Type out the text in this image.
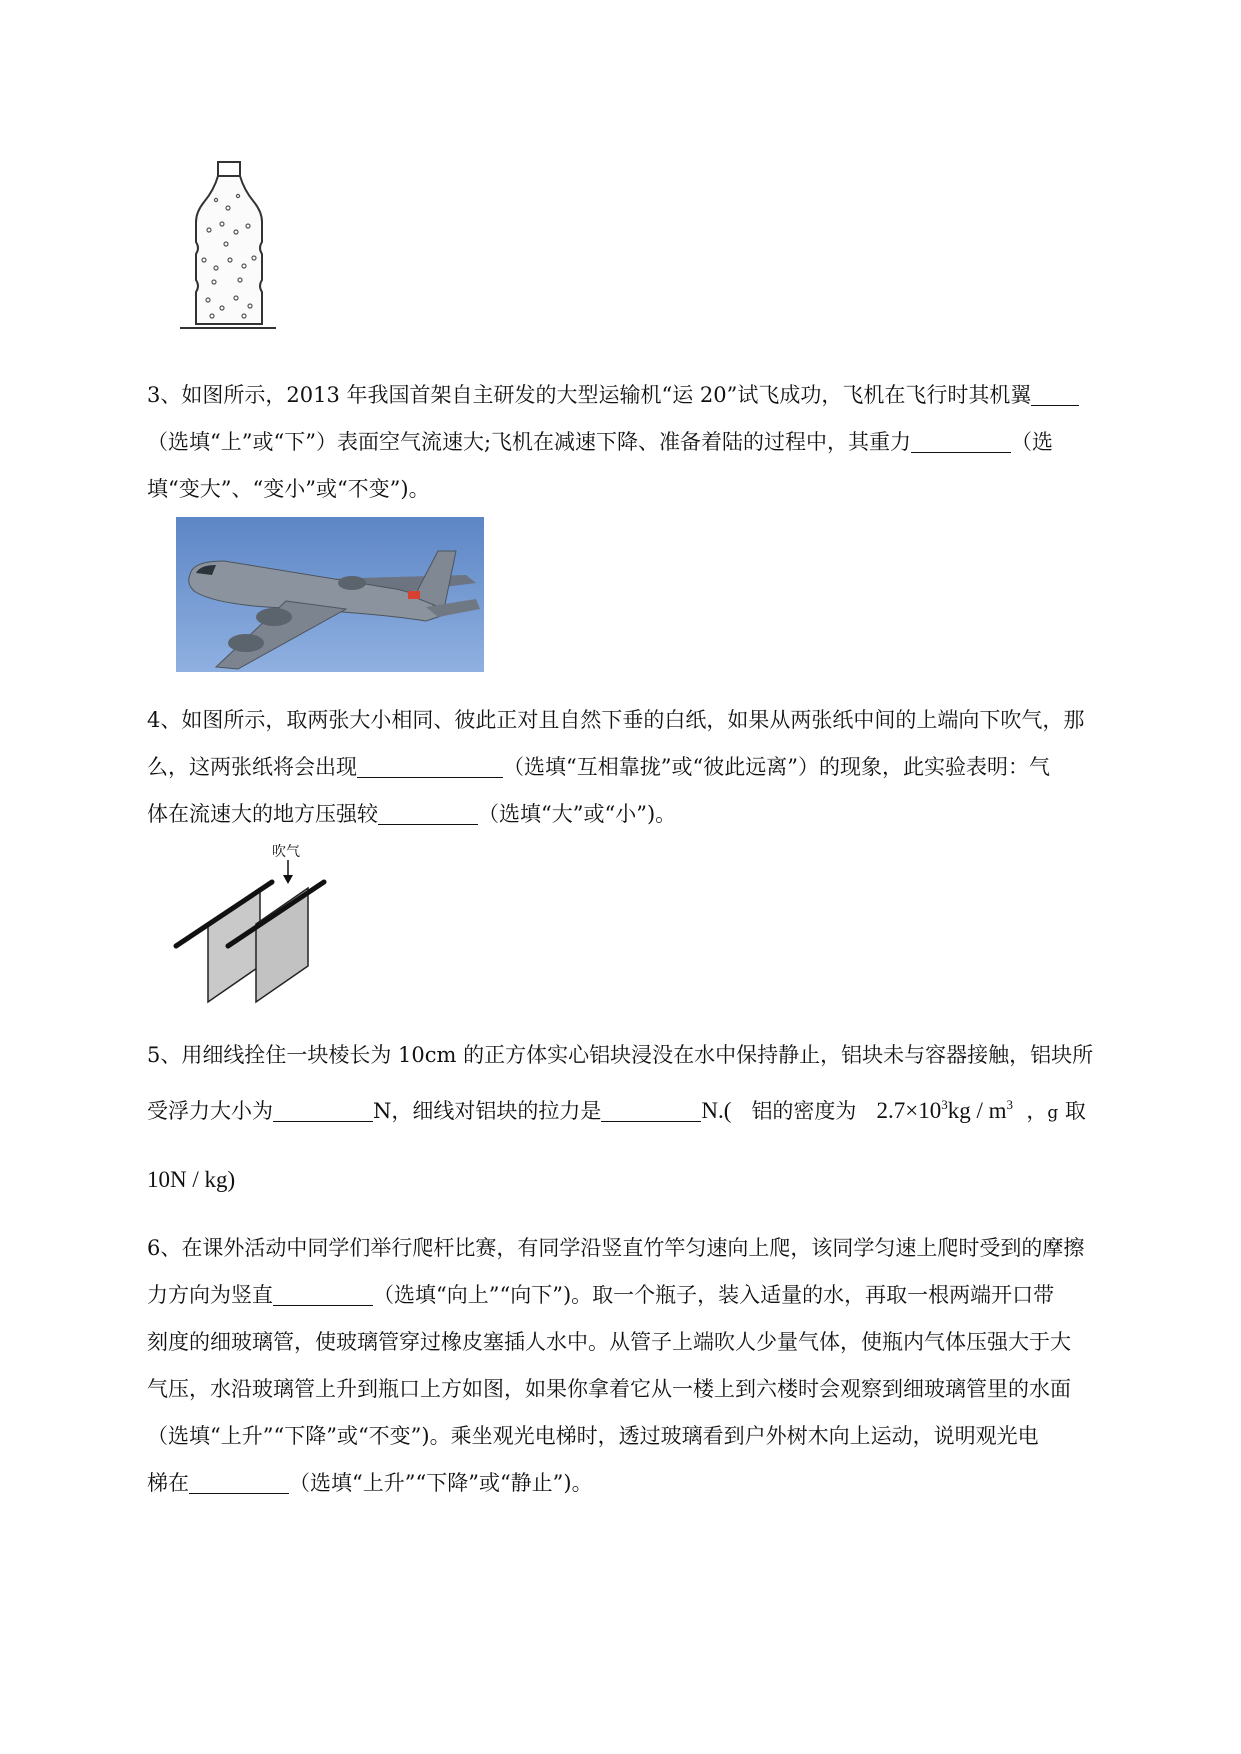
3、如图所示，2013 年我国首架自主研发的大型运输机“运 20”试飞成功，飞机在飞行时其机翼

（选填“上”或“下”）表面空气流速大;飞机在减速下降、准备着陆的过程中，其重力	（选

填“变大”、“变小”或“不变”)。

4、如图所示，取两张大小相同、彼此正对且自然下垂的白纸，如果从两张纸中间的上端向下吹气，那

么，这两张纸将会出现	（选填“互相靠拢”或“彼此远离”）的现象，此实验表明：气

体在流速大的地方压强较	（选填“大”或“小”)。

吹气

5、用细线拴住一块棱长为 10cm 的正方体实心铝块浸没在水中保持静止，铝块未与容器接触，铝块所

受浮力大小为	N，细线对铝块的拉力是	N.( 铝的密度为 $2.7\times 10^3kg / m^3$ ，g 取

10N / kg)

6、在课外活动中同学们举行爬杆比赛，有同学沿竖直竹竿匀速向上爬，该同学匀速上爬时受到的摩擦

力方向为竖直	（选填“向上”“向下”)。取一个瓶子，装入适量的水，再取一根两端开口带

刻度的细玻璃管，使玻璃管穿过橡皮塞插人水中。从管子上端吹人少量气体，使瓶内气体压强大于大

气压，水沿玻璃管上升到瓶口上方如图，如果你拿着它从一楼上到六楼时会观察到细玻璃管里的水面

（选填“上升”“下降”或“不变”)。乘坐观光电梯时，透过玻璃看到户外树木向上运动，说明观光电

梯在	（选填“上升”“下降”或“静止”)。
